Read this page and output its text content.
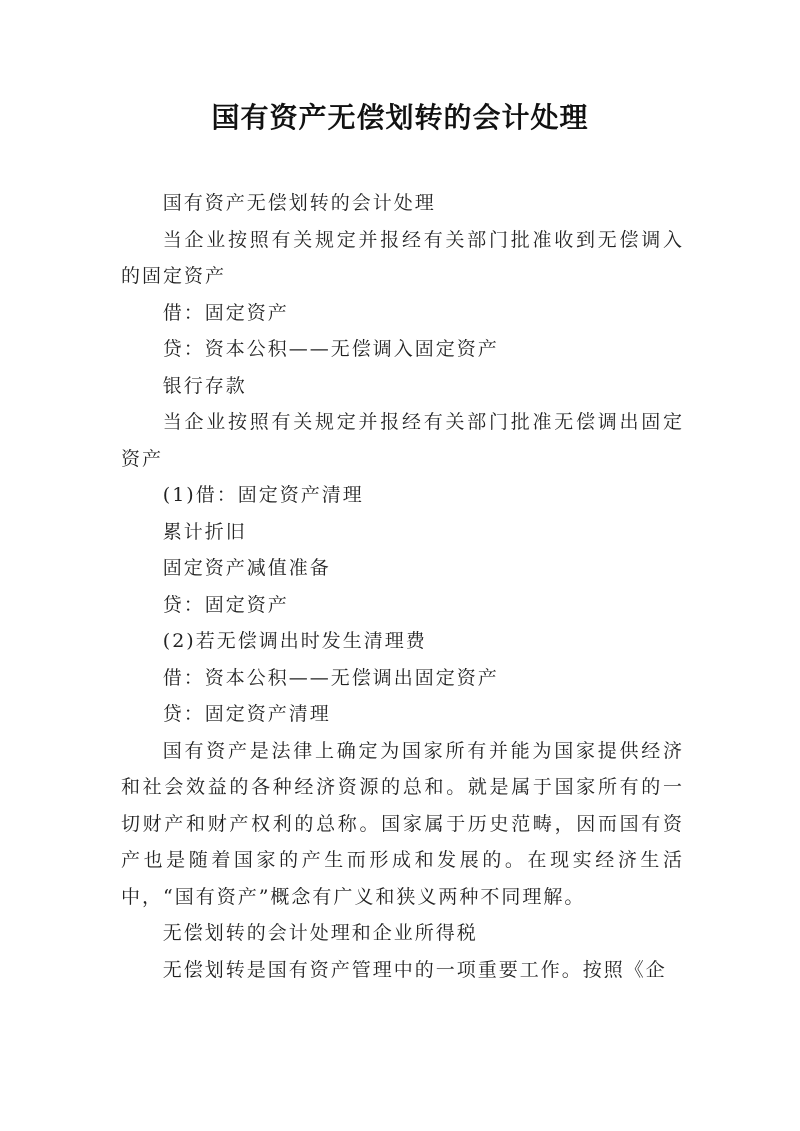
国有资产无偿划转的会计处理

国有资产无偿划转的会计处理

当企业按照有关规定并报经有关部门批准收到无偿调入的固定资产

借：固定资产

贷：资本公积——无偿调入固定资产

银行存款

当企业按照有关规定并报经有关部门批准无偿调出固定资产

(1)借：固定资产清理

累计折旧

固定资产减值准备

贷：固定资产

(2)若无偿调出时发生清理费

借：资本公积——无偿调出固定资产

贷：固定资产清理

国有资产是法律上确定为国家所有并能为国家提供经济和社会效益的各种经济资源的总和。就是属于国家所有的一切财产和财产权利的总称。国家属于历史范畴，因而国有资产也是随着国家的产生而形成和发展的。在现实经济生活中，“国有资产”概念有广义和狭义两种不同理解。

无偿划转的会计处理和企业所得税

无偿划转是国有资产管理中的一项重要工作。按照《企
